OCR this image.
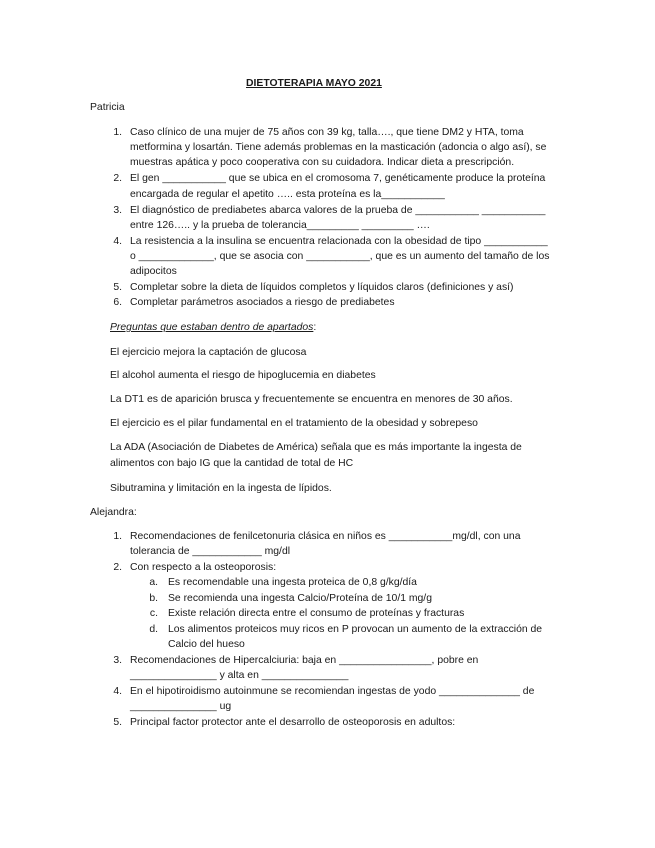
DIETOTERAPIA MAYO 2021
Patricia
1. Caso clínico de una mujer de 75 años con 39 kg, talla…., que tiene DM2 y HTA, toma
metformina y losartán. Tiene además problemas en la masticación (adoncia o algo así), se
muestras apática y poco cooperativa con su cuidadora. Indicar dieta a prescripción.
2. El gen ___________ que se ubica en el cromosoma 7, genéticamente produce la proteína
encargada de regular el apetito ….. esta proteína es la___________
3. El diagnóstico de prediabetes abarca valores de la prueba de ___________ ___________
entre 126….. y la prueba de tolerancia_________ _________ ….
4. La resistencia a la insulina se encuentra relacionada con la obesidad de tipo ___________
o _____________, que se asocia con ___________, que es un aumento del tamaño de los
adipocitos
5. Completar sobre la dieta de líquidos completos y líquidos claros (definiciones y así)
6. Completar parámetros asociados a riesgo de prediabetes
Preguntas que estaban dentro de apartados:
El ejercicio mejora la captación de glucosa
El alcohol aumenta el riesgo de hipoglucemia en diabetes
La DT1 es de aparición brusca y frecuentemente se encuentra en menores de 30 años.
El ejercicio es el pilar fundamental en el tratamiento de la obesidad y sobrepeso
La ADA (Asociación de Diabetes de América) señala que es más importante la ingesta de
alimentos con bajo IG que la cantidad de total de HC
Sibutramina y limitación en la ingesta de lípidos.
Alejandra:
1. Recomendaciones de fenilcetonuria clásica en niños es ___________mg/dl, con una
tolerancia de ____________ mg/dl
2. Con respecto a la osteoporosis:
a. Es recomendable una ingesta proteica de 0,8 g/kg/día
b. Se recomienda una ingesta Calcio/Proteína de 10/1 mg/g
c. Existe relación directa entre el consumo de proteínas y fracturas
d. Los alimentos proteicos muy ricos en P provocan un aumento de la extracción de
Calcio del hueso
3. Recomendaciones de Hipercalciuria: baja en ________________, pobre en
_______________ y alta en _______________
4. En el hipotiroidismo autoinmune se recomiendan ingestas de yodo ______________ de
_______________ ug
5. Principal factor protector ante el desarrollo de osteoporosis en adultos:
